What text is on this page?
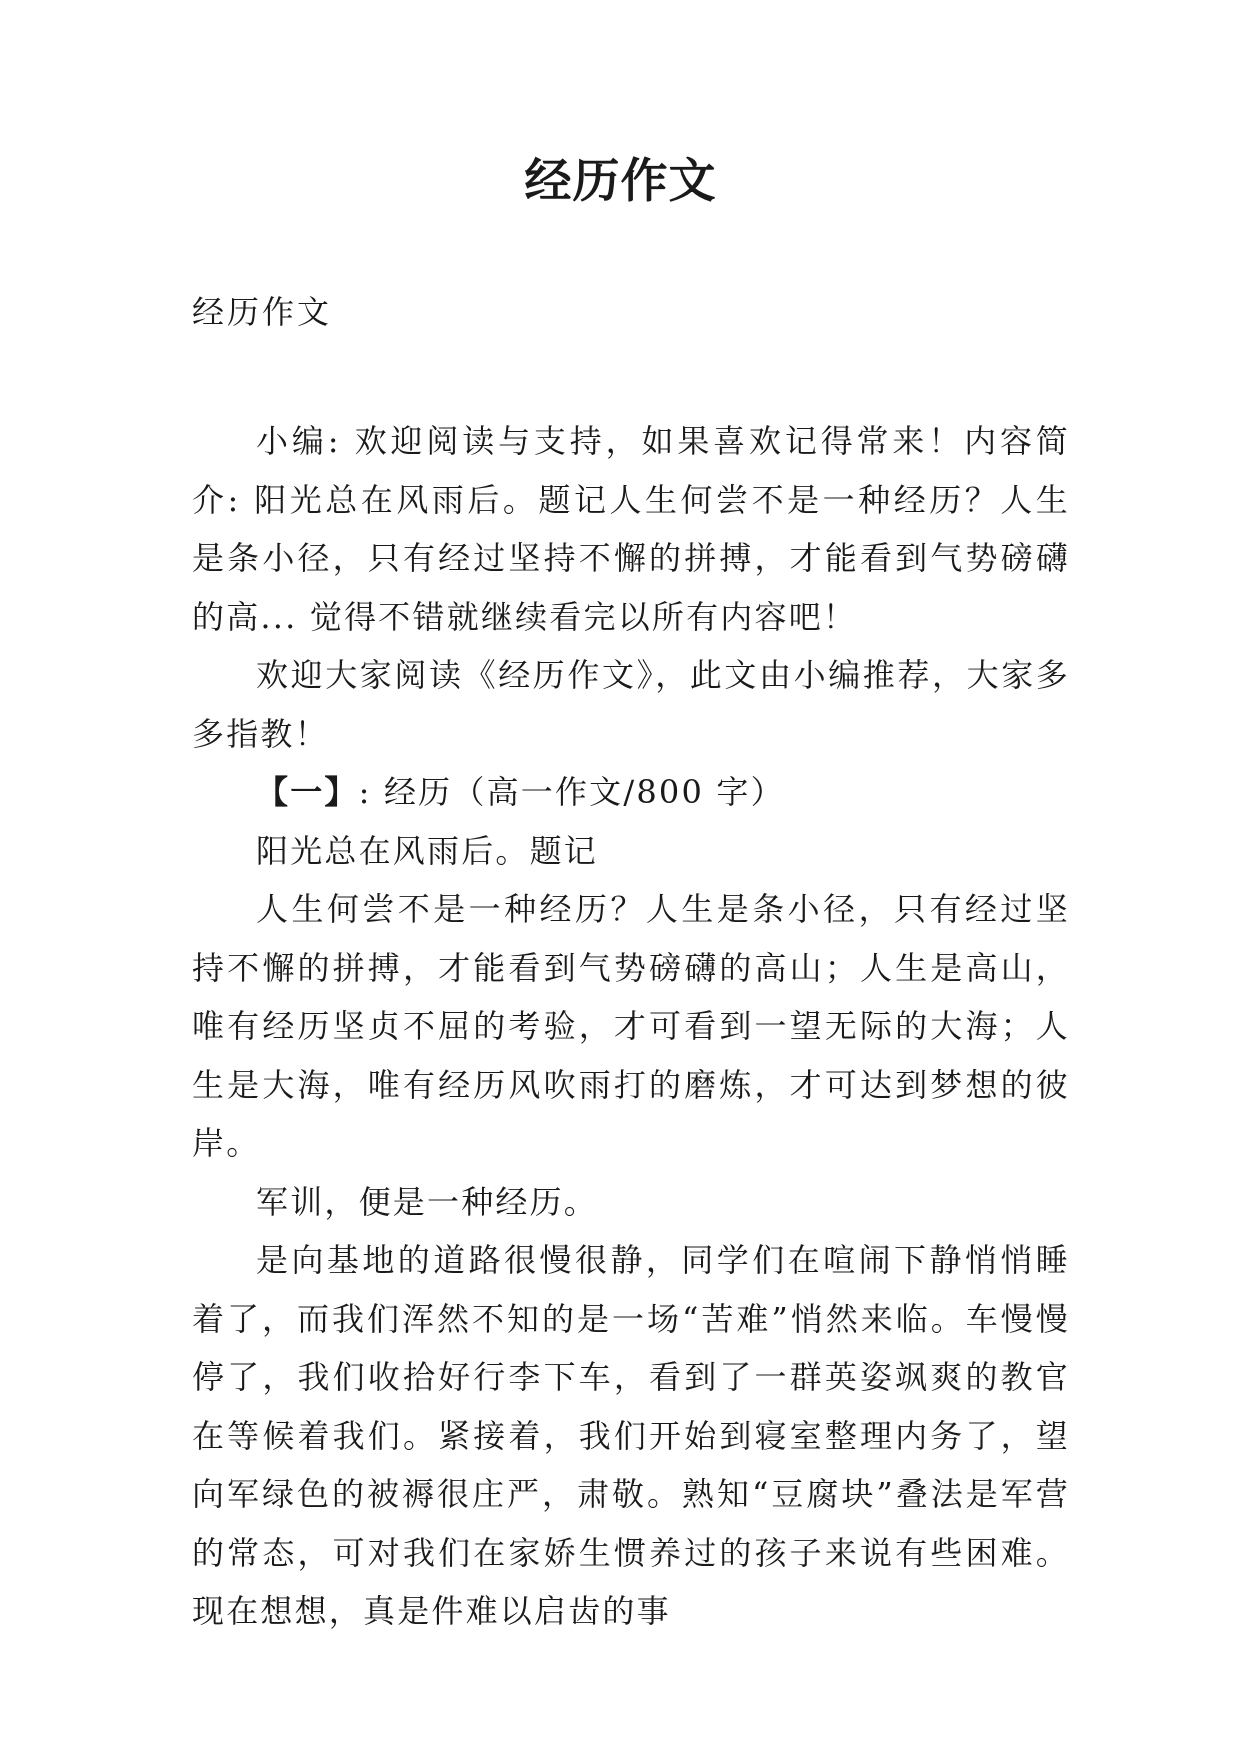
经历作文
经历作文

小编: 欢迎阅读与支持，如果喜欢记得常来！内容简介: 阳光总在风雨后。题记人生何尝不是一种经历？人生是条小径，只有经过坚持不懈的拼搏，才能看到气势磅礴的高... 觉得不错就继续看完以所有内容吧！

欢迎大家阅读《经历作文》，此文由小编推荐，大家多多指教！

【一】: 经历（高一作文/800 字）

阳光总在风雨后。题记

人生何尝不是一种经历？人生是条小径，只有经过坚持不懈的拼搏，才能看到气势磅礴的高山；人生是高山，唯有经历坚贞不屈的考验，才可看到一望无际的大海；人生是大海，唯有经历风吹雨打的磨炼，才可达到梦想的彼岸。

军训，便是一种经历。

是向基地的道路很慢很静，同学们在喧闹下静悄悄睡着了，而我们浑然不知的是一场“苦难”悄然来临。车慢慢停了，我们收拾好行李下车，看到了一群英姿飒爽的教官在等候着我们。紧接着，我们开始到寝室整理内务了，望向军绿色的被褥很庄严，肃敬。熟知“豆腐块”叠法是军营的常态，可对我们在家娇生惯养过的孩子来说有些困难。现在想想，真是件难以启齿的事
